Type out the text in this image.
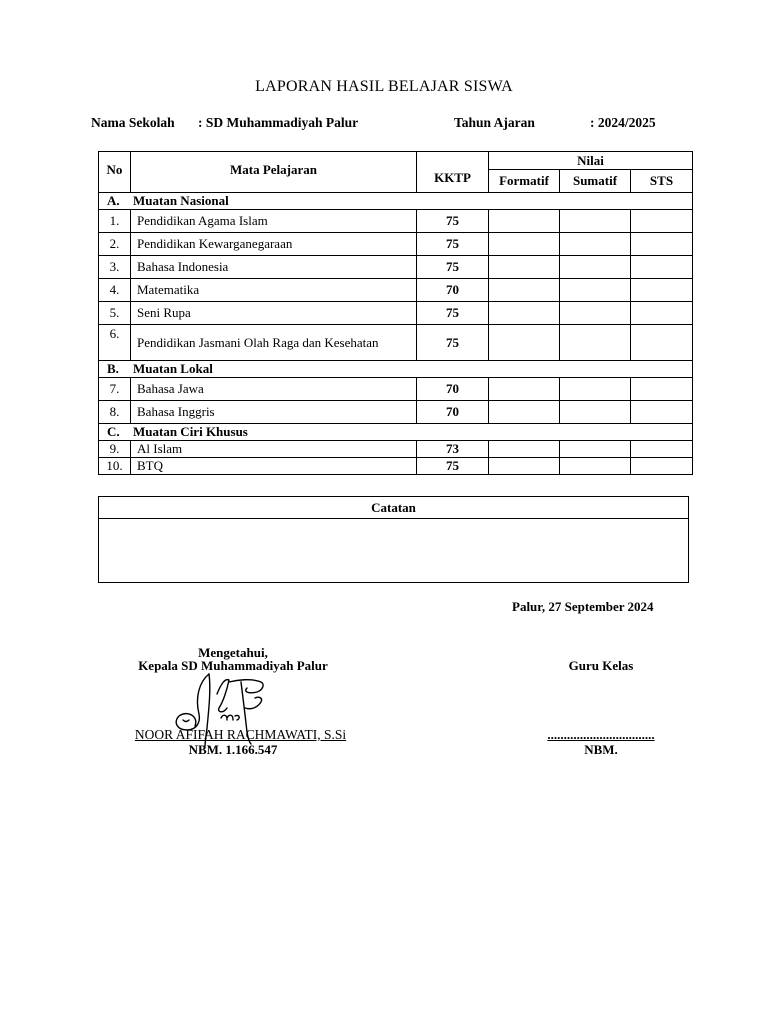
LAPORAN HASIL BELAJAR SISWA
Nama Sekolah : SD Muhammadiyah Palur	Tahun Ajaran	: 2024/2025
No	Mata Pelajaran	KKTP	Nilai		
			Formatif	Sumatif	STS
A. Muatan Nasional					
1.	Pendidikan Agama Islam	75			
2.	Pendidikan Kewarganegaraan	75			
3.	Bahasa Indonesia	75			
4.	Matematika	70			
5.	Seni Rupa	75			
6.	Pendidikan Jasmani Olah Raga dan Kesehatan	75			
B. Muatan Lokal					
7.	Bahasa Jawa	70			
8.	Bahasa Inggris	70			
C. Muatan Ciri Khusus					
9.	Al Islam	73			
10.	BTQ	75			
Catatan
Palur, 27 September 2024
Mengetahui,
Kepala SD Muhammadiyah Palur
NOOR AFIFAH RACHMAWATI, S.Si
NBM. 1.166.547
Guru Kelas
.................................
NBM.
